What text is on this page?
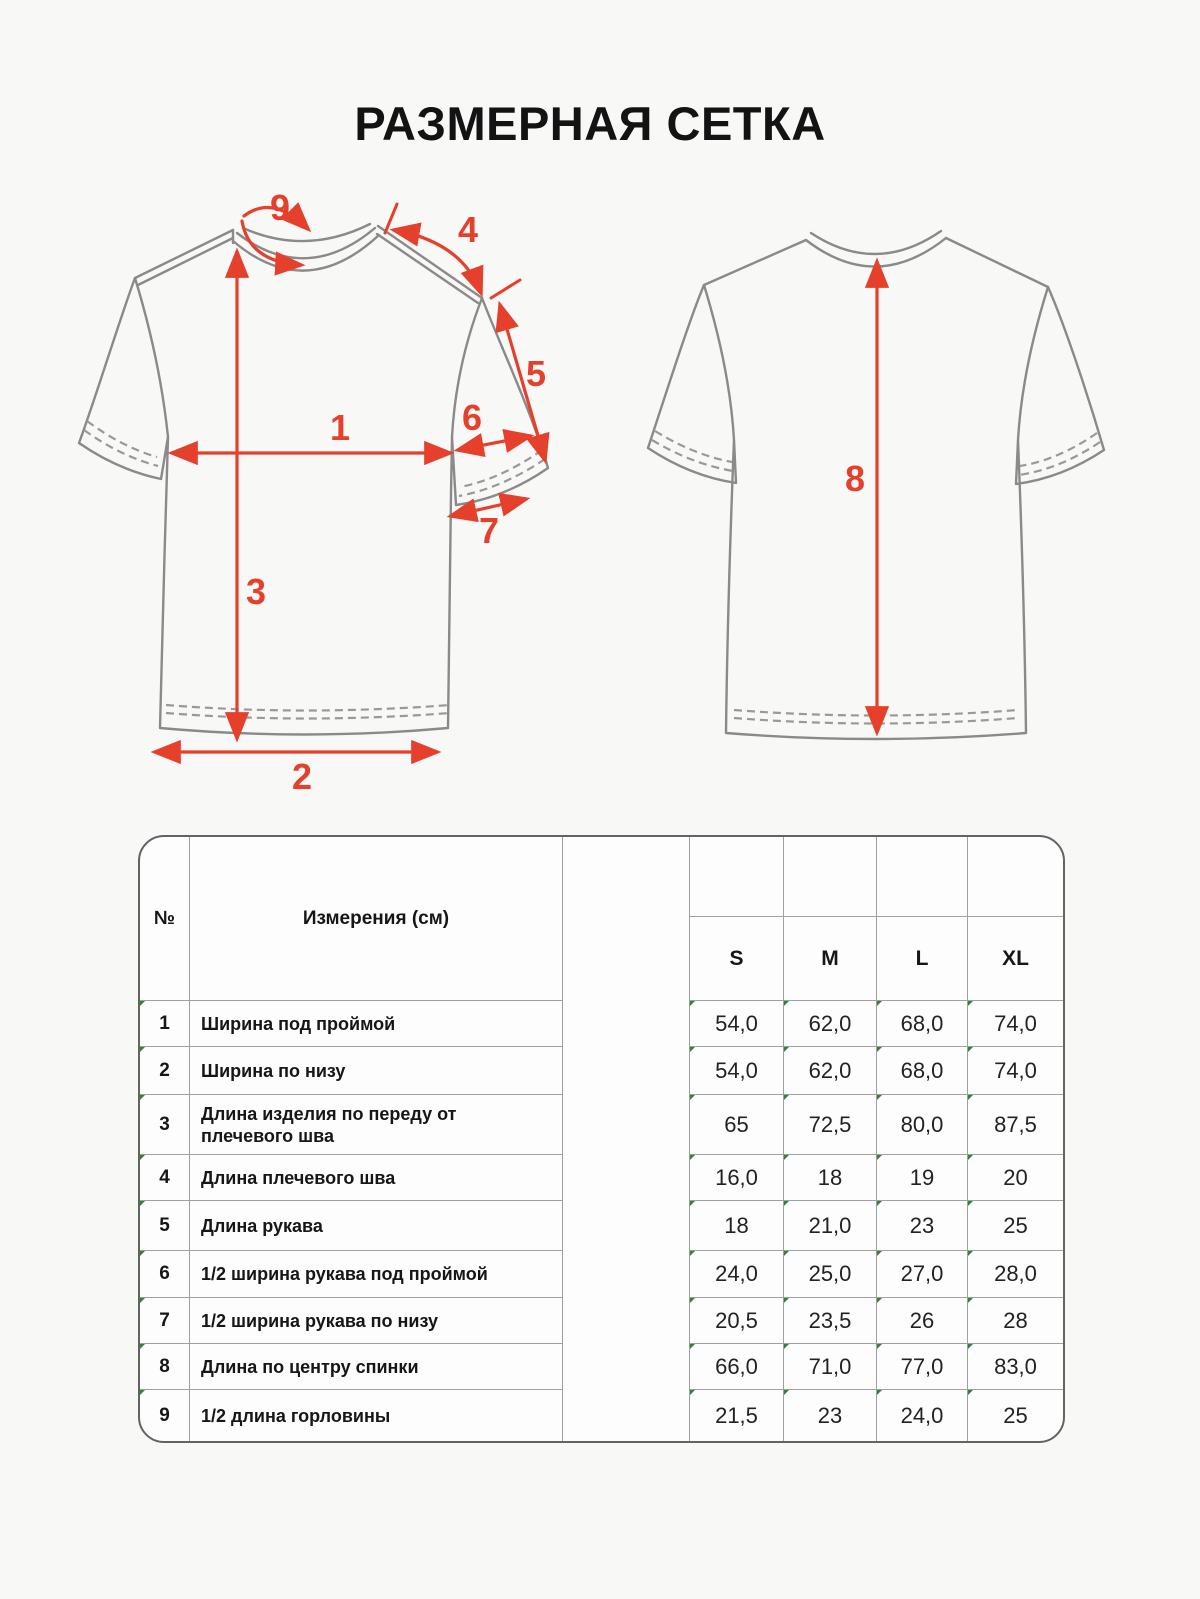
РАЗМЕРНАЯ СЕТКА
1
2
3
4
5
6
7
8
9
№	Измерения (см)
S	M	L	XL
1	Ширина под проймой	54,0	62,0	68,0	74,0
2	Ширина по низу	54,0	62,0	68,0	74,0
3	Длина изделия по переду от плечевого шва	65	72,5	80,0	87,5
4	Длина плечевого шва	16,0	18	19	20
5	Длина рукава	18	21,0	23	25
6	1/2 ширина рукава под проймой	24,0	25,0	27,0	28,0
7	1/2 ширина рукава по низу	20,5	23,5	26	28
8	Длина по центру спинки	66,0	71,0	77,0	83,0
9	1/2 длина горловины	21,5	23	24,0	25
